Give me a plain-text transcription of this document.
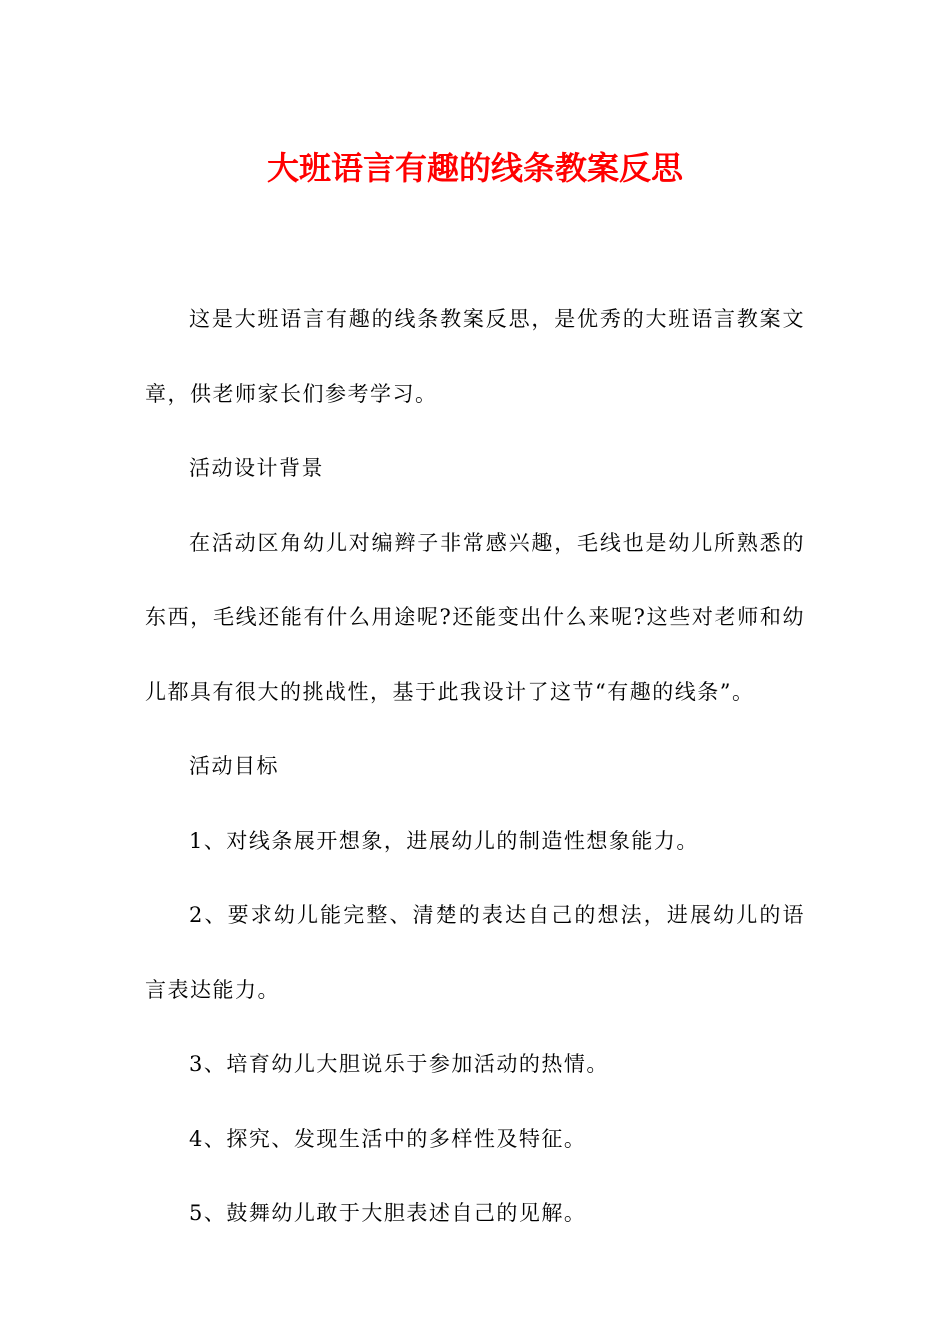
大班语言有趣的线条教案反思

这是大班语言有趣的线条教案反思，是优秀的大班语言教案文章，供老师家长们参考学习。

活动设计背景

在活动区角幼儿对编辫子非常感兴趣，毛线也是幼儿所熟悉的东西，毛线还能有什么用途呢?还能变出什么来呢?这些对老师和幼儿都具有很大的挑战性，基于此我设计了这节“有趣的线条”。

活动目标

1、对线条展开想象，进展幼儿的制造性想象能力。

2、要求幼儿能完整、清楚的表达自己的想法，进展幼儿的语言表达能力。

3、培育幼儿大胆说乐于参加活动的热情。

4、探究、发现生活中的多样性及特征。

5、鼓舞幼儿敢于大胆表述自己的见解。
